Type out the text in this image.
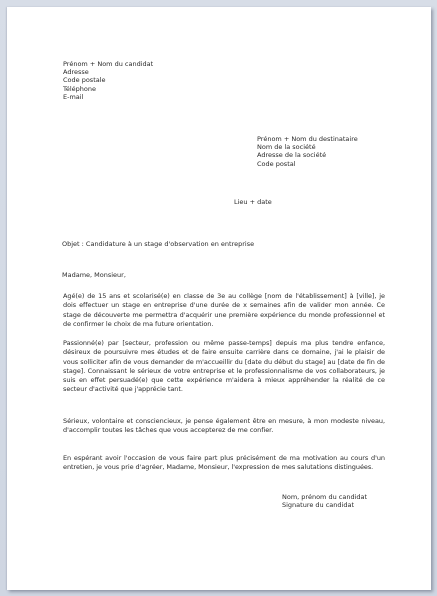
Prénom + Nom du candidat
Adresse
Code postale
Téléphone
E-mail
Prénom + Nom du destinataire
Nom de la société
Adresse de la société
Code postal

Lieu + date

Objet : Candidature à un stage d'observation en entreprise

Madame, Monsieur,

Agé(e) de 15 ans et scolarisé(e) en classe de 3e au collège [nom de l'établissement] à [ville], je dois effectuer un stage en entreprise d'une durée de x semaines afin de valider mon année. Ce stage de découverte me permettra d'acquérir une première expérience du monde professionnel et de confirmer le choix de ma future orientation.

Passionné(e) par [secteur, profession ou même passe-temps] depuis ma plus tendre enfance, désireux de poursuivre mes études et de faire ensuite carrière dans ce domaine, j'ai le plaisir de vous solliciter afin de vous demander de m'accueillir du [date du début du stage] au [date de fin de stage]. Connaissant le sérieux de votre entreprise et le professionnalisme de vos collaborateurs, je suis en effet persuadé(e) que cette expérience m'aidera à mieux appréhender la réalité de ce secteur d'activité que j'apprécie tant.

Sérieux, volontaire et consciencieux, je pense également être en mesure, à mon modeste niveau, d'accomplir toutes les tâches que vous accepterez de me confier.

En espérant avoir l'occasion de vous faire part plus précisément de ma motivation au cours d'un entretien, je vous prie d'agréer, Madame, Monsieur, l'expression de mes salutations distinguées.

Nom, prénom du candidat
Signature du candidat
